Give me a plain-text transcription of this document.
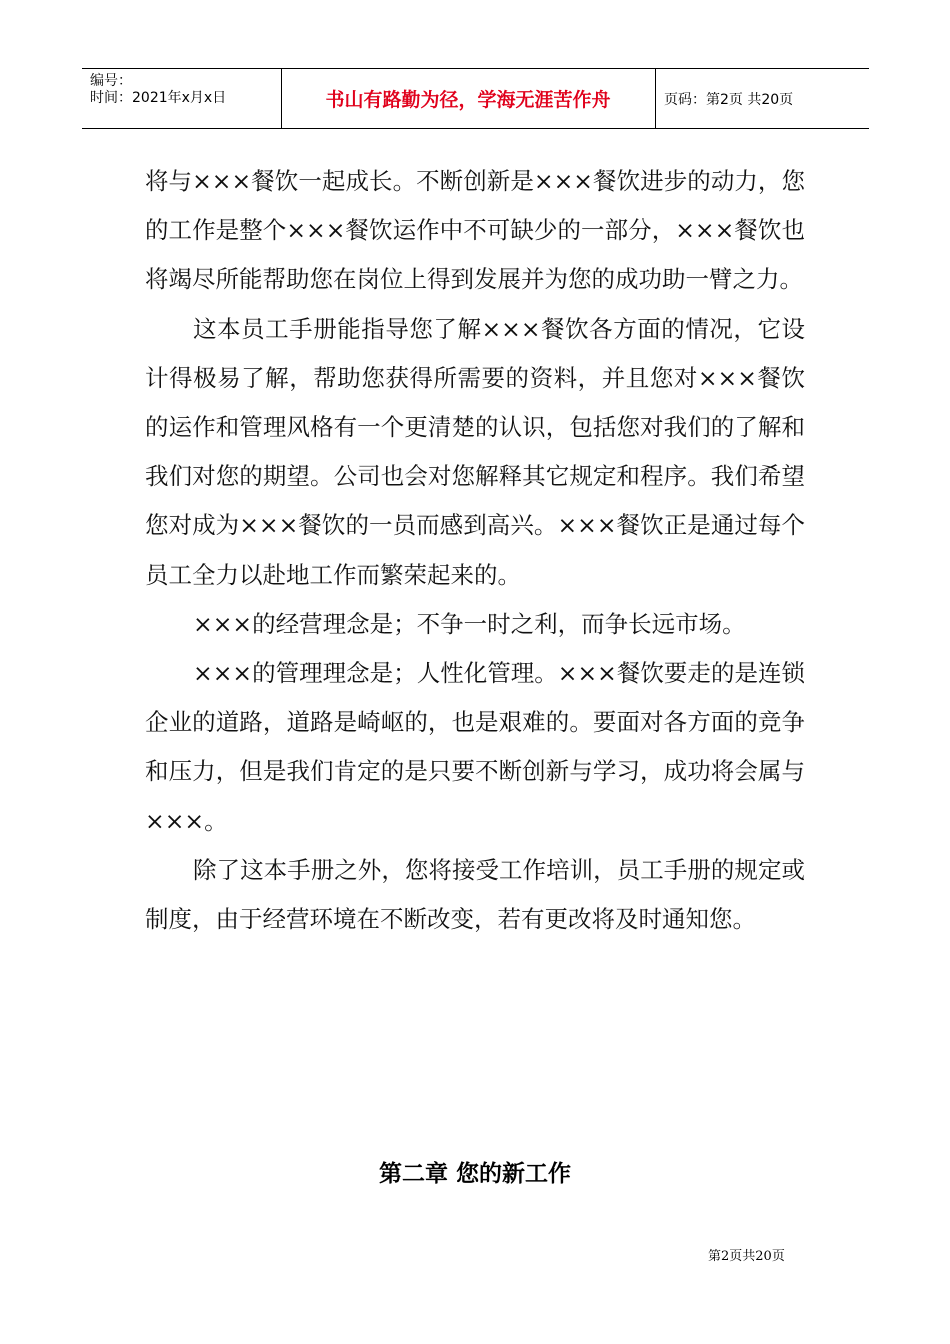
编号：
时间：2021年x月x日	书山有路勤为径，学海无涯苦作舟	页码：第2页 共20页

将与×××餐饮一起成长。不断创新是×××餐饮进步的动力，您的工作是整个×××餐饮运作中不可缺少的一部分，×××餐饮也将竭尽所能帮助您在岗位上得到发展并为您的成功助一臂之力。

这本员工手册能指导您了解×××餐饮各方面的情况，它设计得极易了解，帮助您获得所需要的资料，并且您对×××餐饮的运作和管理风格有一个更清楚的认识，包括您对我们的了解和我们对您的期望。公司也会对您解释其它规定和程序。我们希望您对成为×××餐饮的一员而感到高兴。×××餐饮正是通过每个员工全力以赴地工作而繁荣起来的。

×××的经营理念是；不争一时之利，而争长远市场。

×××的管理理念是；人性化管理。×××餐饮要走的是连锁企业的道路，道路是崎岖的，也是艰难的。要面对各方面的竞争和压力，但是我们肯定的是只要不断创新与学习，成功将会属与×××。

除了这本手册之外，您将接受工作培训，员工手册的规定或制度，由于经营环境在不断改变，若有更改将及时通知您。

第二章 您的新工作
第2页共20页
